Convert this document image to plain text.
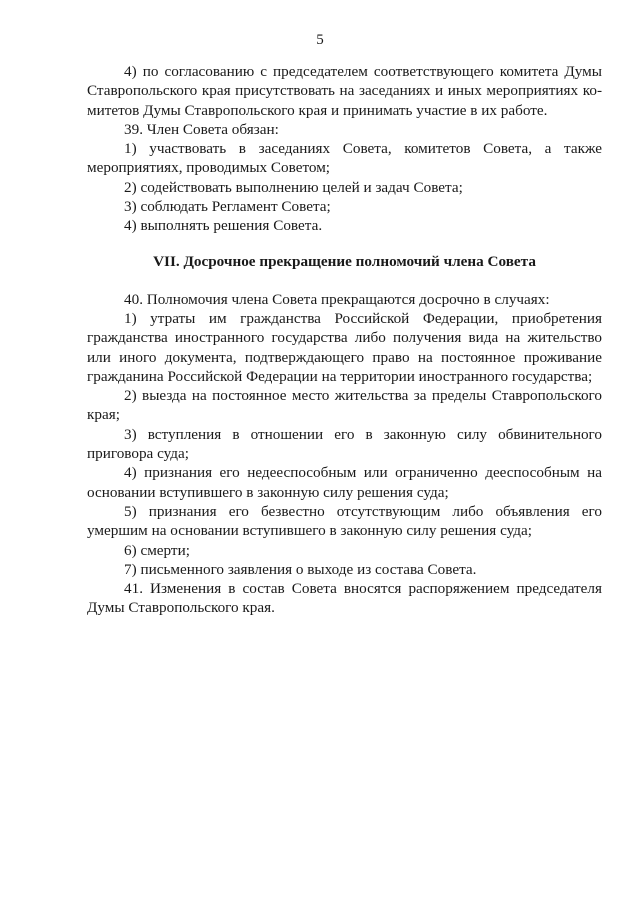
5

4) по согласованию с председателем соответствующего комитета Думы Ставропольского края присутствовать на заседаниях и иных мероприятиях комитетов Думы Ставропольского края и принимать участие в их работе.

39. Член Совета обязан:

1) участвовать в заседаниях Совета, комитетов Совета, а также мероприятиях, проводимых Советом;

2) содействовать выполнению целей и задач Совета;

3) соблюдать Регламент Совета;

4) выполнять решения Совета.

VII. Досрочное прекращение полномочий члена Совета

40. Полномочия члена Совета прекращаются досрочно в случаях:

1) утраты им гражданства Российской Федерации, приобретения гражданства иностранного государства либо получения вида на жительство или иного документа, подтверждающего право на постоянное проживание гражданина Российской Федерации на территории иностранного государства;

2) выезда на постоянное место жительства за пределы Ставропольского края;

3) вступления в отношении его в законную силу обвинительного приговора суда;

4) признания его недееспособным или ограниченно дееспособным на основании вступившего в законную силу решения суда;

5) признания его безвестно отсутствующим либо объявления его умершим на основании вступившего в законную силу решения суда;

6) смерти;

7) письменного заявления о выходе из состава Совета.

41. Изменения в состав Совета вносятся распоряжением председателя Думы Ставропольского края.
